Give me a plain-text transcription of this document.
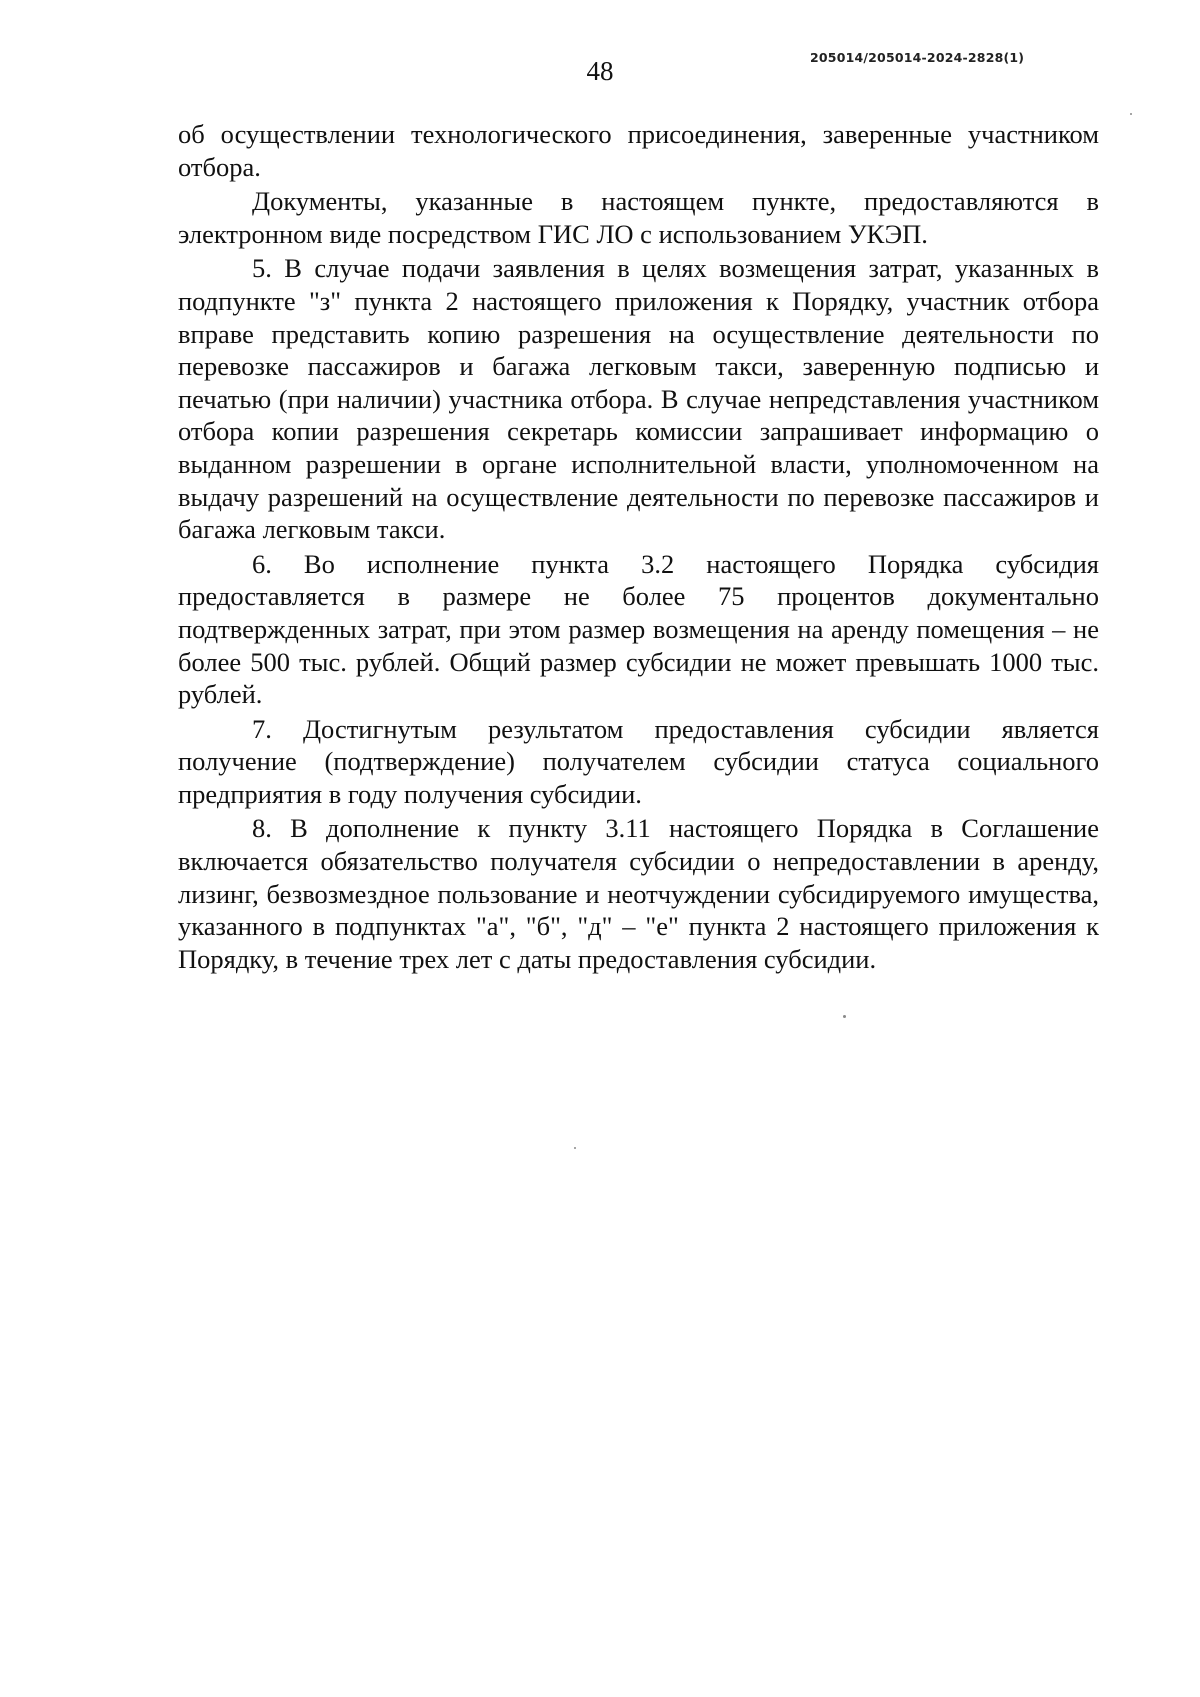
48	205014/205014-2024-2828(1)

об осуществлении технологического присоединения, заверенные участником отбора.

Документы, указанные в настоящем пункте, предоставляются в электронном виде посредством ГИС ЛО с использованием УКЭП.

5. В случае подачи заявления в целях возмещения затрат, указанных в подпункте "з" пункта 2 настоящего приложения к Порядку, участник отбора вправе представить копию разрешения на осуществление деятельности по перевозке пассажиров и багажа легковым такси, заверенную подписью и печатью (при наличии) участника отбора. В случае непредставления участником отбора копии разрешения секретарь комиссии запрашивает информацию о выданном разрешении в органе исполнительной власти, уполномоченном на выдачу разрешений на осуществление деятельности по перевозке пассажиров и багажа легковым такси.

6. Во исполнение пункта 3.2 настоящего Порядка субсидия предоставляется в размере не более 75 процентов документально подтвержденных затрат, при этом размер возмещения на аренду помещения – не более 500 тыс. рублей. Общий размер субсидии не может превышать 1000 тыс. рублей.

7. Достигнутым результатом предоставления субсидии является получение (подтверждение) получателем субсидии статуса социального предприятия в году получения субсидии.

8. В дополнение к пункту 3.11 настоящего Порядка в Соглашение включается обязательство получателя субсидии о непредоставлении в аренду, лизинг, безвозмездное пользование и неотчуждении субсидируемого имущества, указанного в подпунктах "а", "б", "д" – "е" пункта 2 настоящего приложения к Порядку, в течение трех лет с даты предоставления субсидии.
